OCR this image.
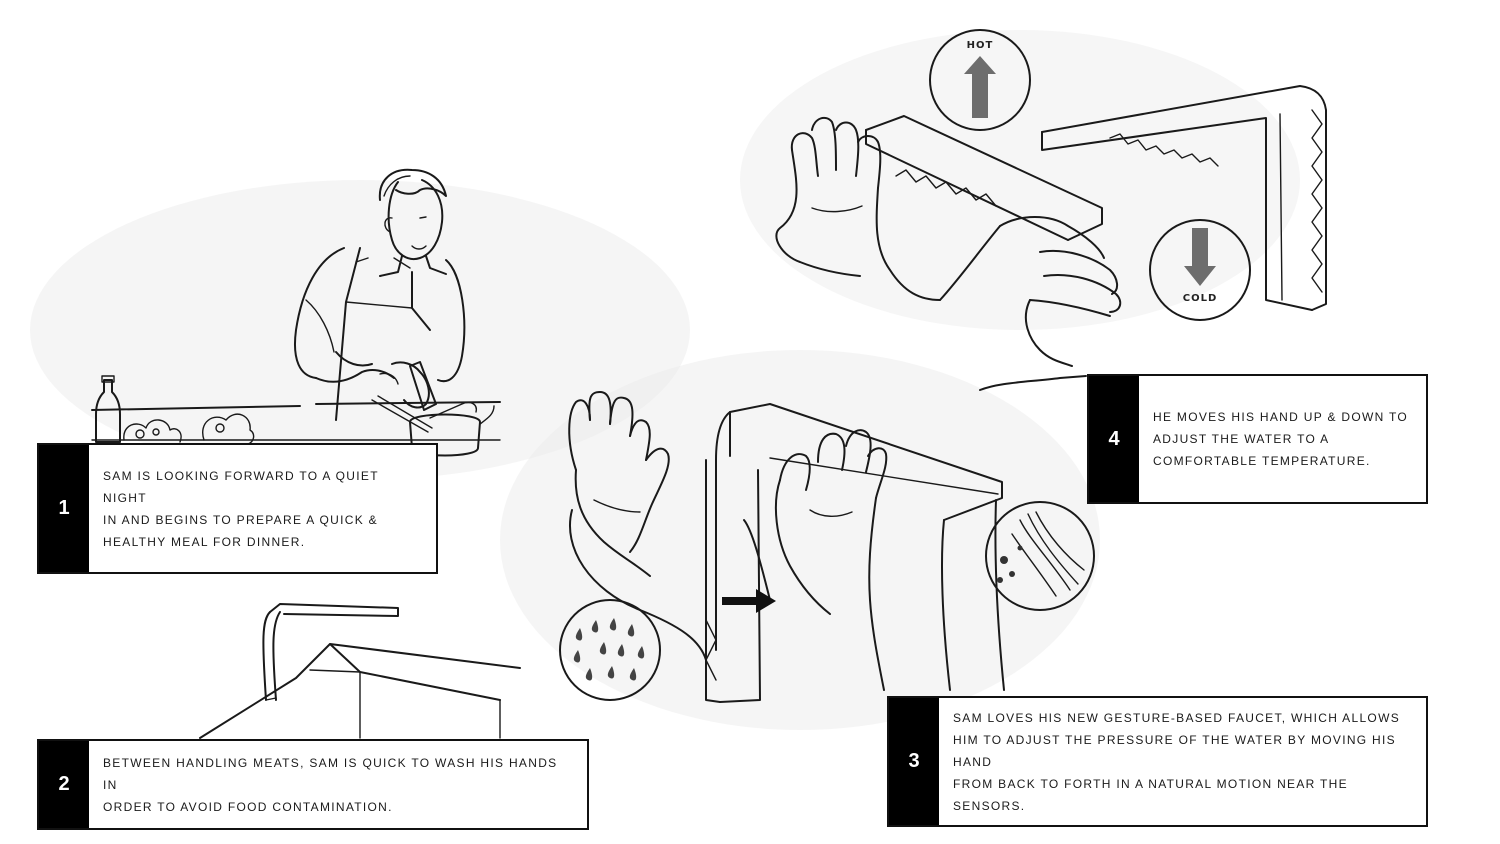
HOT
COLD
1
SAM IS LOOKING FORWARD TO A QUIET NIGHT
IN AND BEGINS TO PREPARE A QUICK &
HEALTHY MEAL FOR DINNER.
2
BETWEEN HANDLING MEATS, SAM IS QUICK TO WASH HIS HANDS IN
ORDER TO AVOID FOOD CONTAMINATION.
3
SAM LOVES HIS NEW GESTURE-BASED FAUCET, WHICH ALLOWS
HIM TO ADJUST THE PRESSURE OF THE WATER BY MOVING HIS HAND
FROM BACK TO FORTH IN A NATURAL MOTION NEAR THE SENSORS.
4
HE MOVES HIS HAND UP & DOWN TO
ADJUST THE WATER TO A
COMFORTABLE TEMPERATURE.
